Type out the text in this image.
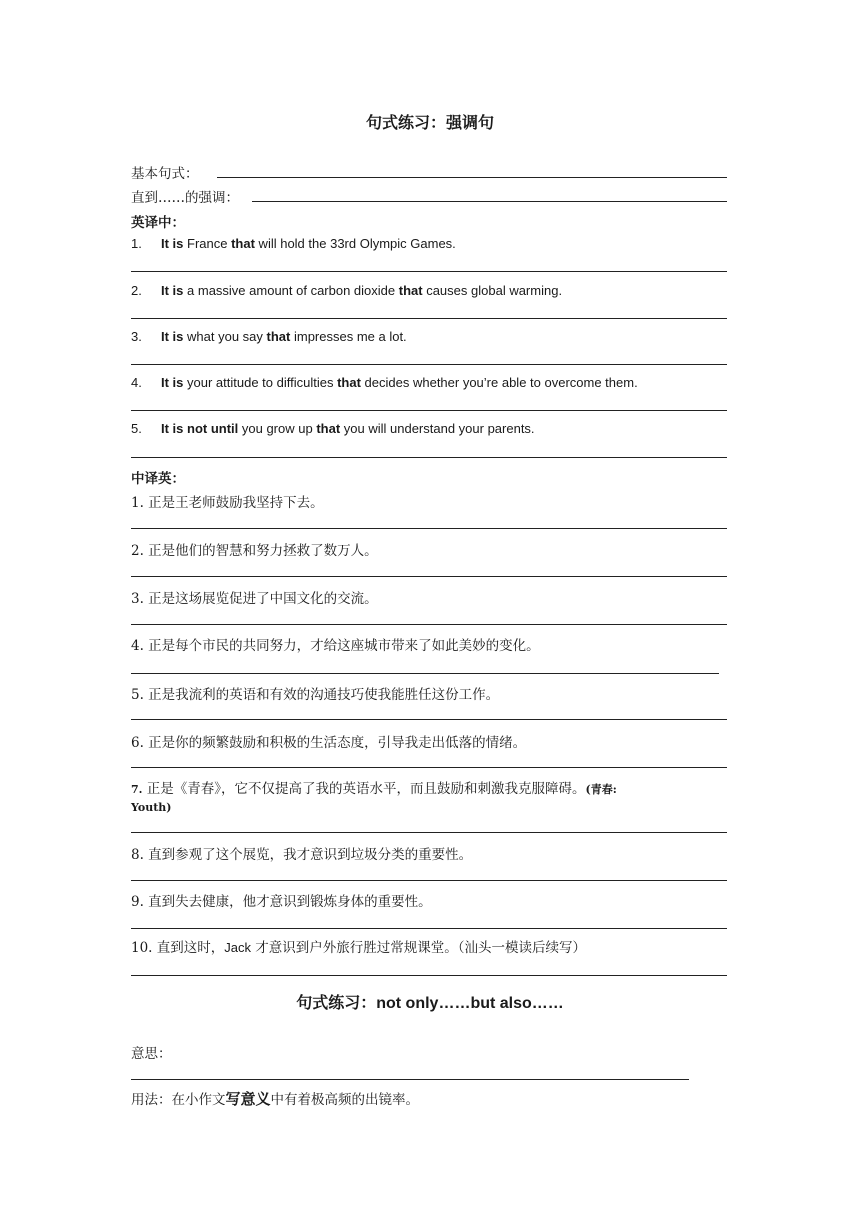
句式练习：强调句
基本句式：
直到……的强调：
英译中：
1. It is France that will hold the 33rd Olympic Games.
2. It is a massive amount of carbon dioxide that causes global warming.
3. It is what you say that impresses me a lot.
4. It is your attitude to difficulties that decides whether you’re able to overcome them.
5. It is not until you grow up that you will understand your parents.
中译英：
1. 正是王老师鼓励我坚持下去。
2. 正是他们的智慧和努力拯救了数万人。
3. 正是这场展览促进了中国文化的交流。
4. 正是每个市民的共同努力，才给这座城市带来了如此美妙的变化。
5. 正是我流利的英语和有效的沟通技巧使我能胜任这份工作。
6. 正是你的频繁鼓励和积极的生活态度，引导我走出低落的情绪。
7. 正是《青春》，它不仅提高了我的英语水平，而且鼓励和刺激我克服障碍。(青春:
Youth)
8. 直到参观了这个展览，我才意识到垃圾分类的重要性。
9. 直到失去健康，他才意识到锻炼身体的重要性。
10. 直到这时，Jack 才意识到户外旅行胜过常规课堂。（汕头一模读后续写）
句式练习：not only……but also……
意思：
用法：在小作文写意义中有着极高频的出镜率。
